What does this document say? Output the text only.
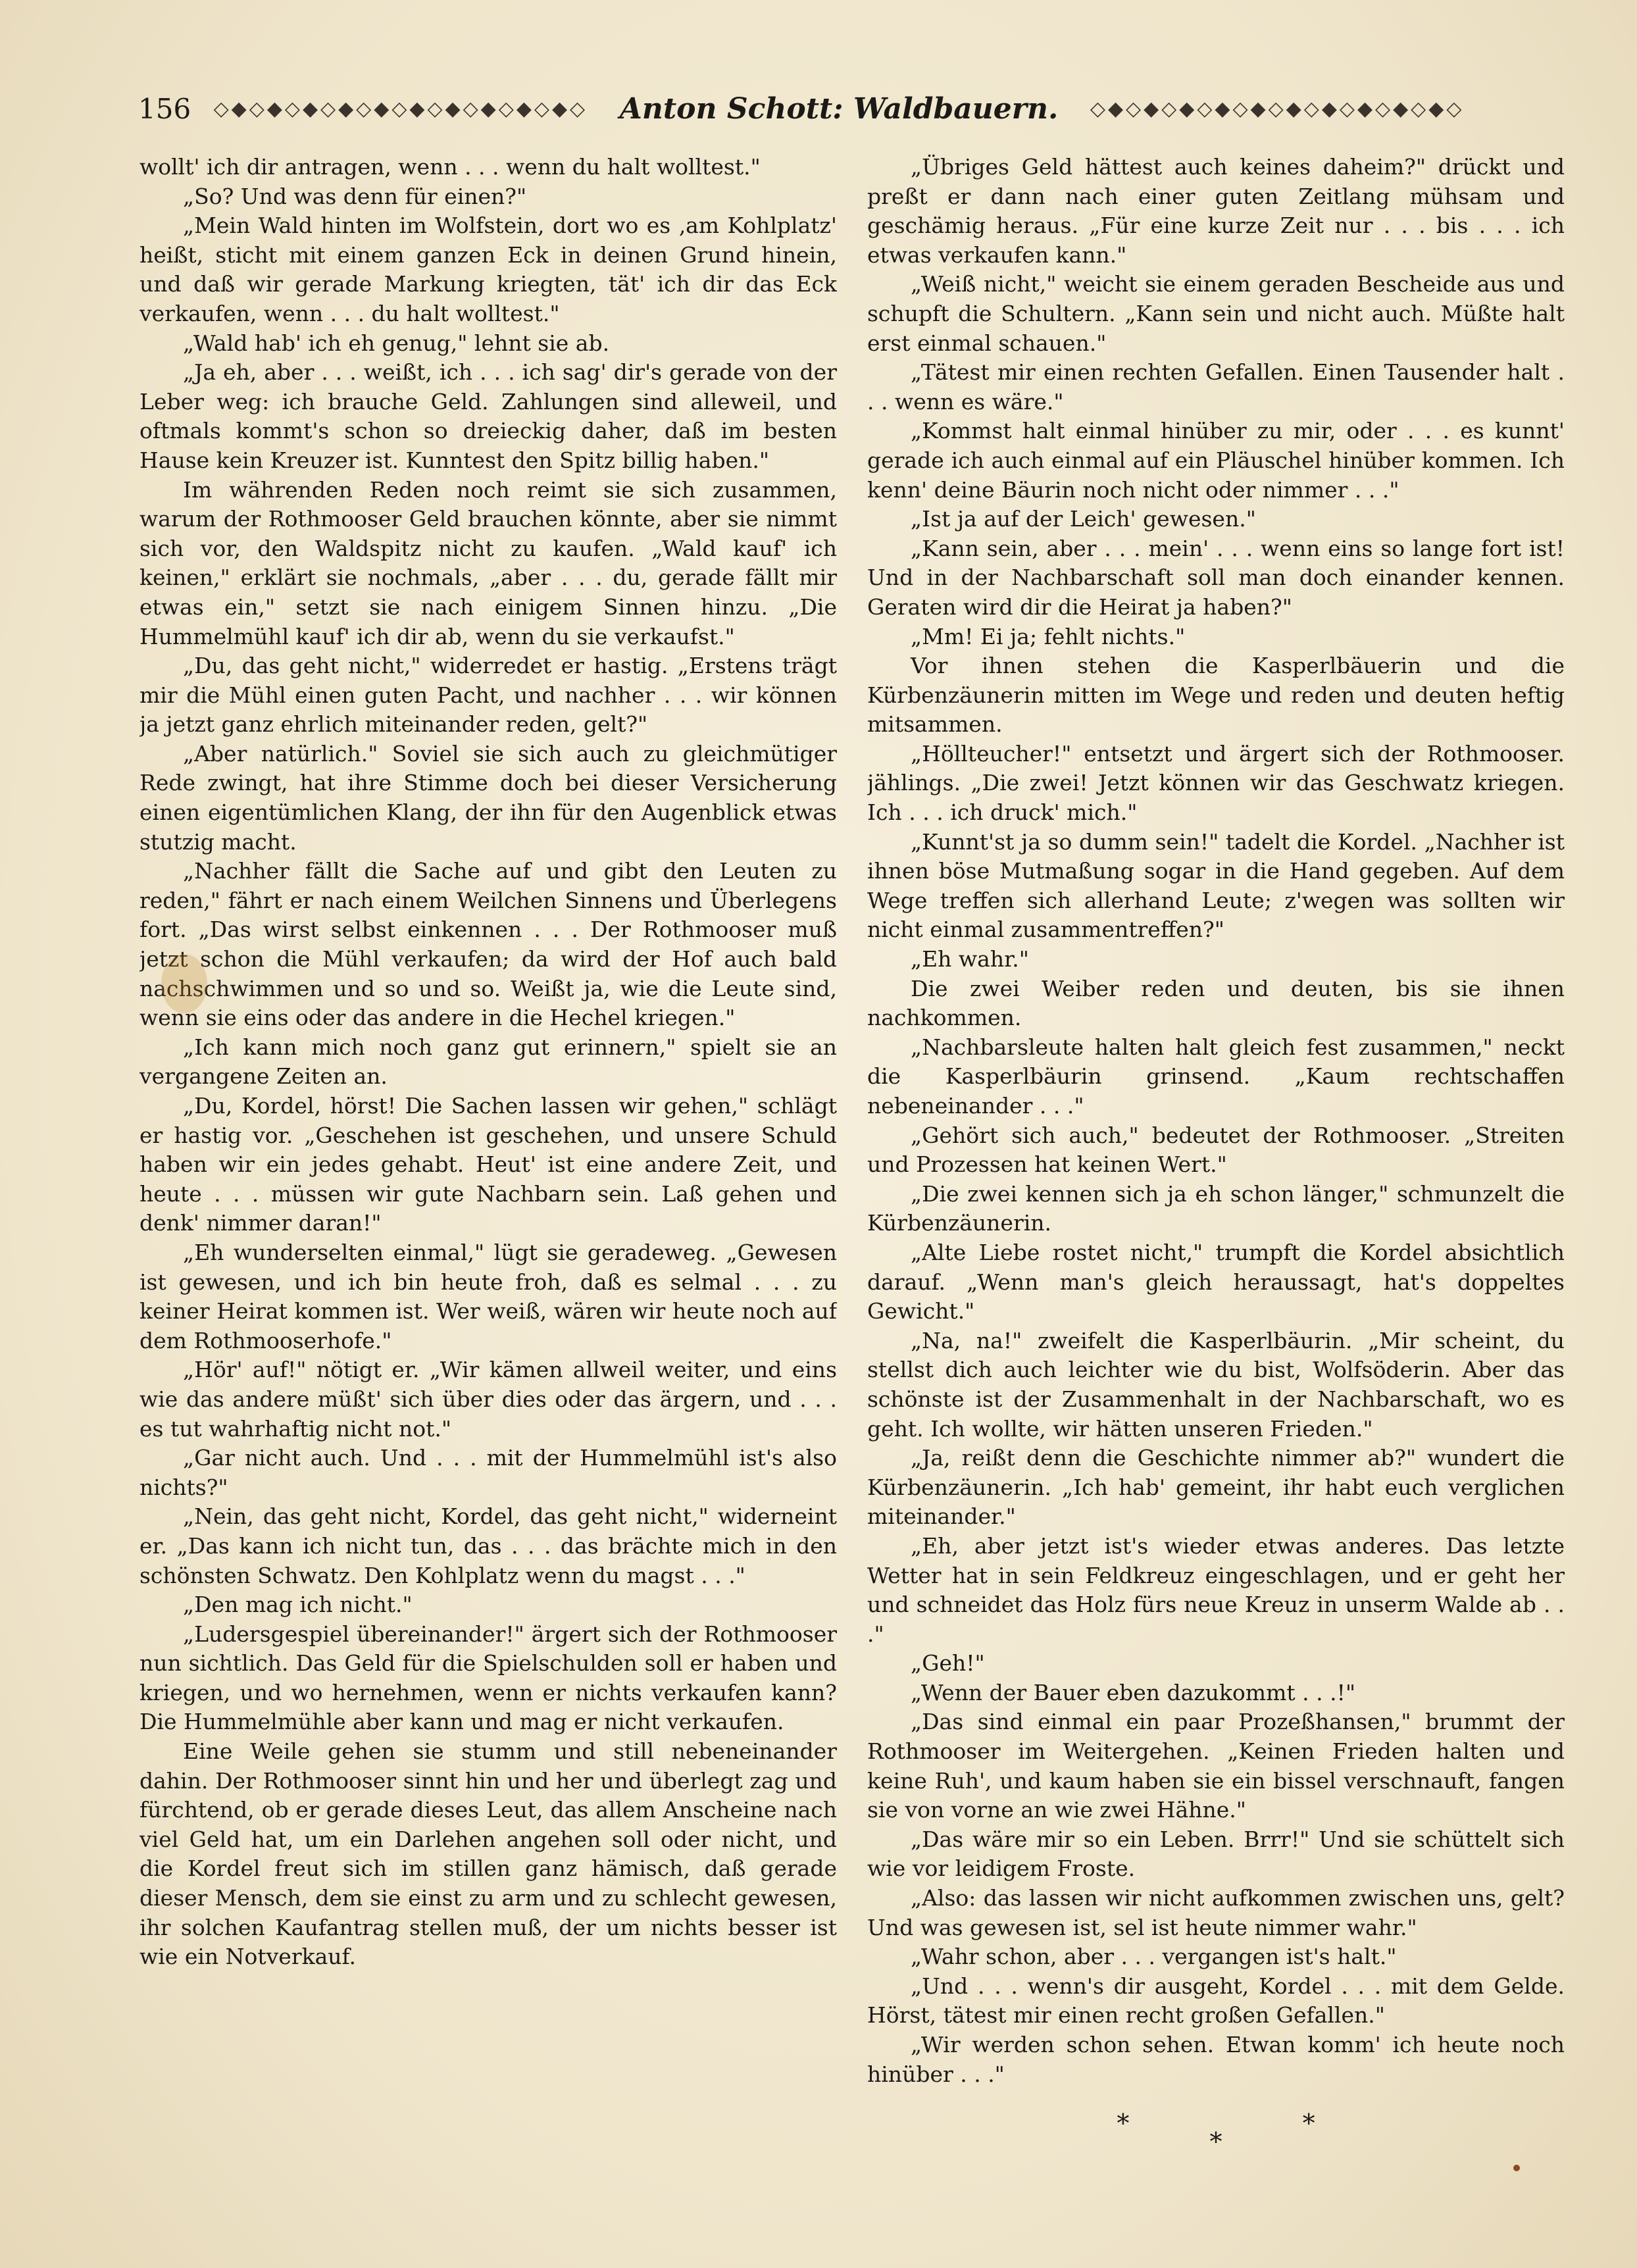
156	◇◆◇◆◇◆◇◆◇◆◇◆◇◆◇◆◇◆◇◆◇	Anton Schott: Waldbauern.	◇◆◇◆◇◆◇◆◇◆◇◆◇◆◇◆◇◆◇◆◇

wollt' ich dir antragen, wenn . . . wenn du halt wolltest."

„So? Und was denn für einen?"

„Mein Wald hinten im Wolfstein, dort wo es ‚am Kohlplatz' heißt, sticht mit einem ganzen Eck in deinen Grund hinein, und daß wir gerade Markung kriegten, tät' ich dir das Eck verkaufen, wenn . . . du halt wolltest."

„Wald hab' ich eh genug," lehnt sie ab.

„Ja eh, aber . . . weißt, ich . . . ich sag' dir's gerade von der Leber weg: ich brauche Geld. Zahlungen sind alleweil, und oftmals kommt's schon so dreieckig daher, daß im besten Hause kein Kreuzer ist. Kunntest den Spitz billig haben."

Im währenden Reden noch reimt sie sich zusammen, warum der Rothmooser Geld brauchen könnte, aber sie nimmt sich vor, den Waldspitz nicht zu kaufen. „Wald kauf' ich keinen," erklärt sie nochmals, „aber . . . du, gerade fällt mir etwas ein," setzt sie nach einigem Sinnen hinzu. „Die Hummelmühl kauf' ich dir ab, wenn du sie verkaufst."

„Du, das geht nicht," widerredet er hastig. „Erstens trägt mir die Mühl einen guten Pacht, und nachher . . . wir können ja jetzt ganz ehrlich miteinander reden, gelt?"

„Aber natürlich." Soviel sie sich auch zu gleichmütiger Rede zwingt, hat ihre Stimme doch bei dieser Versicherung einen eigentümlichen Klang, der ihn für den Augenblick etwas stutzig macht.

„Nachher fällt die Sache auf und gibt den Leuten zu reden," fährt er nach einem Weilchen Sinnens und Überlegens fort. „Das wirst selbst einkennen . . . Der Rothmooser muß jetzt schon die Mühl verkaufen; da wird der Hof auch bald nachschwimmen und so und so. Weißt ja, wie die Leute sind, wenn sie eins oder das andere in die Hechel kriegen."

„Ich kann mich noch ganz gut erinnern," spielt sie an vergangene Zeiten an.

„Du, Kordel, hörst! Die Sachen lassen wir gehen," schlägt er hastig vor. „Geschehen ist geschehen, und unsere Schuld haben wir ein jedes gehabt. Heut' ist eine andere Zeit, und heute . . . müssen wir gute Nachbarn sein. Laß gehen und denk' nimmer daran!"

„Eh wunderselten einmal," lügt sie geradeweg. „Gewesen ist gewesen, und ich bin heute froh, daß es selmal . . . zu keiner Heirat kommen ist. Wer weiß, wären wir heute noch auf dem Rothmooserhofe."

„Hör' auf!" nötigt er. „Wir kämen allweil weiter, und eins wie das andere müßt' sich über dies oder das ärgern, und . . . es tut wahrhaftig nicht not."

„Gar nicht auch. Und . . . mit der Hummelmühl ist's also nichts?"

„Nein, das geht nicht, Kordel, das geht nicht," widerneint er. „Das kann ich nicht tun, das . . . das brächte mich in den schönsten Schwatz. Den Kohlplatz wenn du magst . . ."

„Den mag ich nicht."

„Ludersgespiel übereinander!" ärgert sich der Rothmooser nun sichtlich. Das Geld für die Spielschulden soll er haben und kriegen, und wo hernehmen, wenn er nichts verkaufen kann? Die Hummelmühle aber kann und mag er nicht verkaufen.

Eine Weile gehen sie stumm und still nebeneinander dahin. Der Rothmooser sinnt hin und her und überlegt zag und fürchtend, ob er gerade dieses Leut, das allem Anscheine nach viel Geld hat, um ein Darlehen angehen soll oder nicht, und die Kordel freut sich im stillen ganz hämisch, daß gerade dieser Mensch, dem sie einst zu arm und zu schlecht gewesen, ihr solchen Kaufantrag stellen muß, der um nichts besser ist wie ein Notverkauf.

„Übriges Geld hättest auch keines daheim?" drückt und preßt er dann nach einer guten Zeitlang mühsam und geschämig heraus. „Für eine kurze Zeit nur . . . bis . . . ich etwas verkaufen kann."

„Weiß nicht," weicht sie einem geraden Bescheide aus und schupft die Schultern. „Kann sein und nicht auch. Müßte halt erst einmal schauen."

„Tätest mir einen rechten Gefallen. Einen Tausender halt . . . wenn es wäre."

„Kommst halt einmal hinüber zu mir, oder . . . es kunnt' gerade ich auch einmal auf ein Pläuschel hinüber kommen. Ich kenn' deine Bäurin noch nicht oder nimmer . . ."

„Ist ja auf der Leich' gewesen."

„Kann sein, aber . . . mein' . . . wenn eins so lange fort ist! Und in der Nachbarschaft soll man doch einander kennen. Geraten wird dir die Heirat ja haben?"

„Mm! Ei ja; fehlt nichts."

Vor ihnen stehen die Kasperlbäuerin und die Kürbenzäunerin mitten im Wege und reden und deuten heftig mitsammen.

„Höllteucher!" entsetzt und ärgert sich der Rothmooser. jählings. „Die zwei! Jetzt können wir das Geschwatz kriegen. Ich . . . ich druck' mich."

„Kunnt'st ja so dumm sein!" tadelt die Kordel. „Nachher ist ihnen böse Mutmaßung sogar in die Hand gegeben. Auf dem Wege treffen sich allerhand Leute; z'wegen was sollten wir nicht einmal zusammentreffen?"

„Eh wahr."

Die zwei Weiber reden und deuten, bis sie ihnen nachkommen.

„Nachbarsleute halten halt gleich fest zusammen," neckt die Kasperlbäurin grinsend. „Kaum rechtschaffen nebeneinander . . ."

„Gehört sich auch," bedeutet der Rothmooser. „Streiten und Prozessen hat keinen Wert."

„Die zwei kennen sich ja eh schon länger," schmunzelt die Kürbenzäunerin.

„Alte Liebe rostet nicht," trumpft die Kordel absichtlich darauf. „Wenn man's gleich heraussagt, hat's doppeltes Gewicht."

„Na, na!" zweifelt die Kasperlbäurin. „Mir scheint, du stellst dich auch leichter wie du bist, Wolfsöderin. Aber das schönste ist der Zusammenhalt in der Nachbarschaft, wo es geht. Ich wollte, wir hätten unseren Frieden."

„Ja, reißt denn die Geschichte nimmer ab?" wundert die Kürbenzäunerin. „Ich hab' gemeint, ihr habt euch verglichen miteinander."

„Eh, aber jetzt ist's wieder etwas anderes. Das letzte Wetter hat in sein Feldkreuz eingeschlagen, und er geht her und schneidet das Holz fürs neue Kreuz in unserm Walde ab . . ."

„Geh!"

„Wenn der Bauer eben dazukommt . . .!"

„Das sind einmal ein paar Prozeßhansen," brummt der Rothmooser im Weitergehen. „Keinen Frieden halten und keine Ruh', und kaum haben sie ein bissel verschnauft, fangen sie von vorne an wie zwei Hähne."

„Das wäre mir so ein Leben. Brrr!" Und sie schüttelt sich wie vor leidigem Froste.

„Also: das lassen wir nicht aufkommen zwischen uns, gelt? Und was gewesen ist, sel ist heute nimmer wahr."

„Wahr schon, aber . . . vergangen ist's halt."

„Und . . . wenn's dir ausgeht, Kordel . . . mit dem Gelde. Hörst, tätest mir einen recht großen Gefallen."

„Wir werden schon sehen. Etwan komm' ich heute noch hinüber . . ."

* * *
